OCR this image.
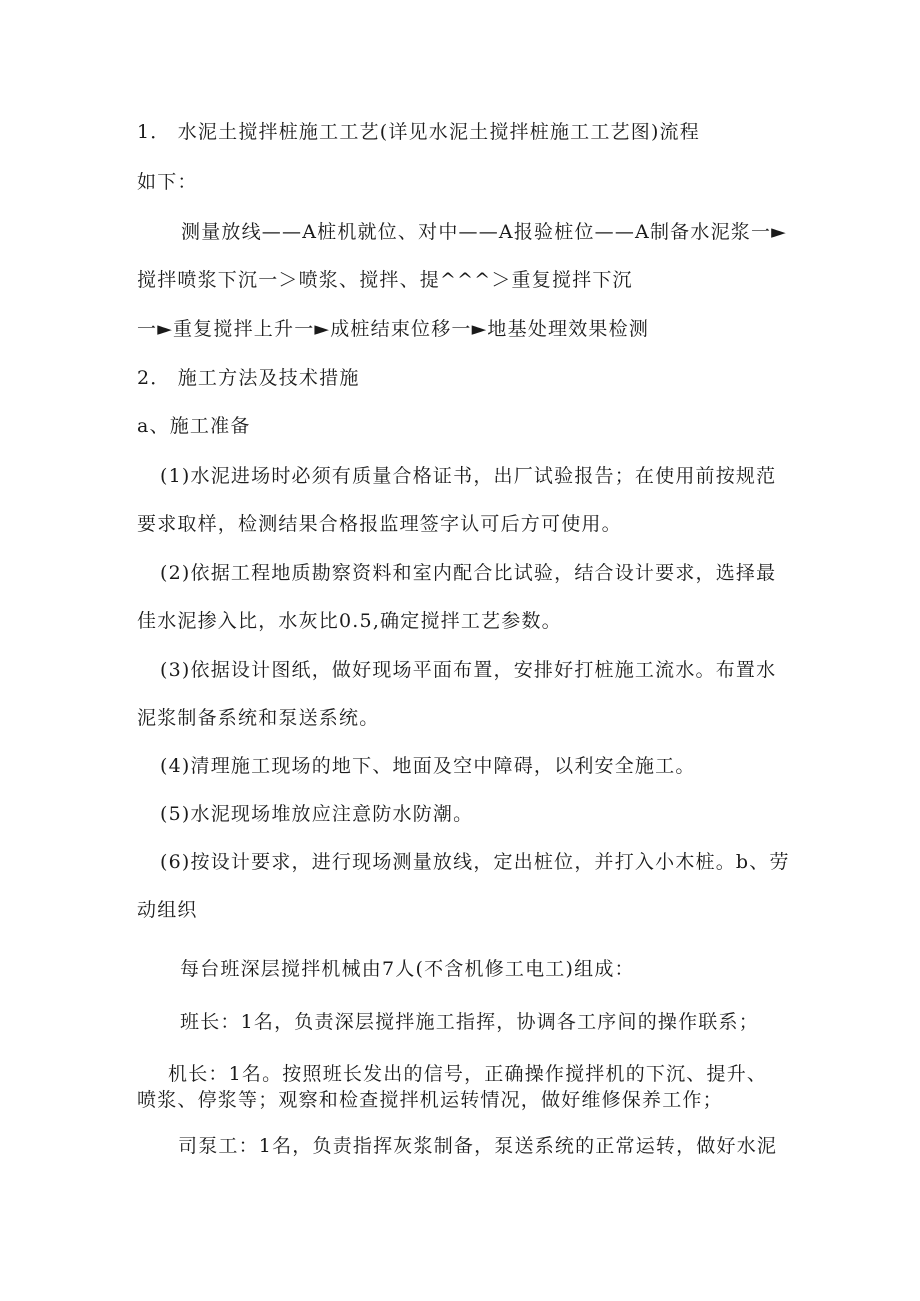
1． 水泥土搅拌桩施工工艺(详见水泥土搅拌桩施工工艺图)流程
如下：
测量放线——A桩机就位、对中——A报验桩位——A制备水泥浆一►
搅拌喷浆下沉一＞喷浆、搅拌、提^^^＞重复搅拌下沉
一►重复搅拌上升一►成桩结束位移一►地基处理效果检测
2． 施工方法及技术措施
a、施工准备
(1)水泥进场时必须有质量合格证书，出厂试验报告；在使用前按规范
要求取样，检测结果合格报监理签字认可后方可使用。
(2)依据工程地质勘察资料和室内配合比试验，结合设计要求，选择最
佳水泥掺入比，水灰比0.5,确定搅拌工艺参数。
(3)依据设计图纸，做好现场平面布置，安排好打桩施工流水。布置水
泥浆制备系统和泵送系统。
(4)清理施工现场的地下、地面及空中障碍，以利安全施工。
(5)水泥现场堆放应注意防水防潮。
(6)按设计要求，进行现场测量放线，定出桩位，并打入小木桩。b、劳
动组织
每台班深层搅拌机械由7人(不含机修工电工)组成：
班长：1名，负责深层搅拌施工指挥，协调各工序间的操作联系；
机长：1名。按照班长发出的信号，正确操作搅拌机的下沉、提升、
喷浆、停浆等；观察和检查搅拌机运转情况，做好维修保养工作；
司泵工：1名，负责指挥灰浆制备，泵送系统的正常运转，做好水泥
